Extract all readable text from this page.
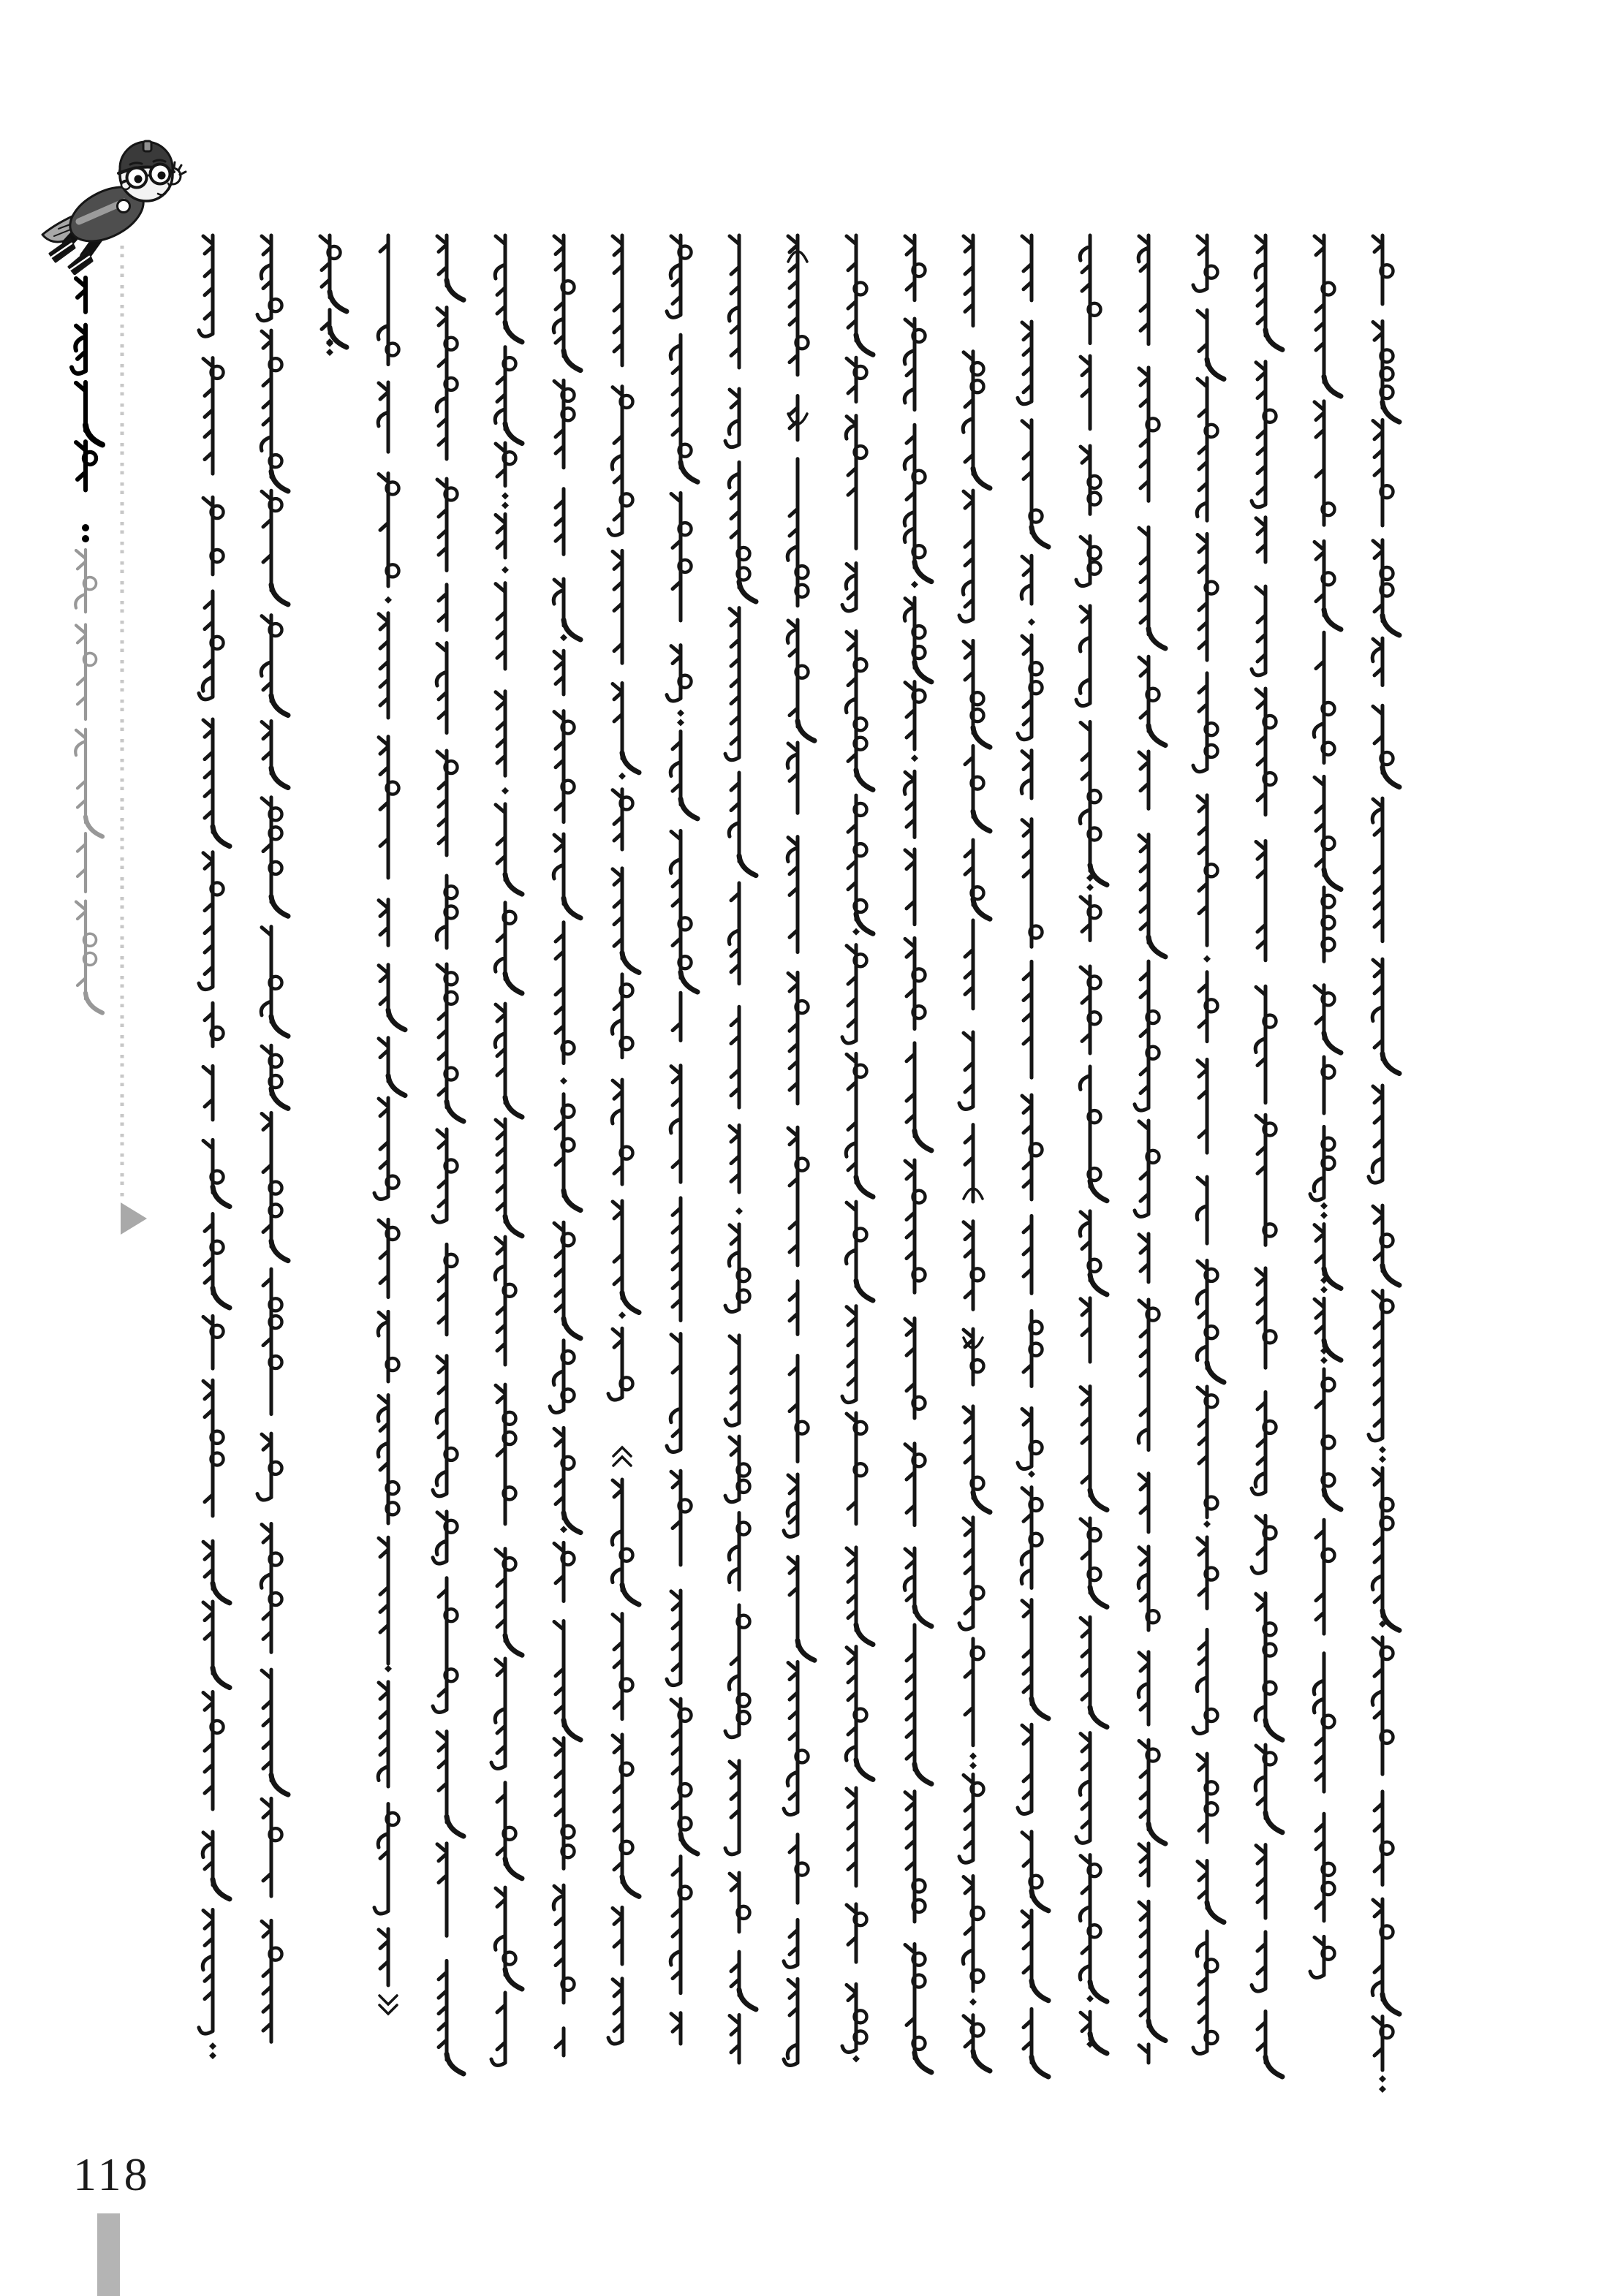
118
